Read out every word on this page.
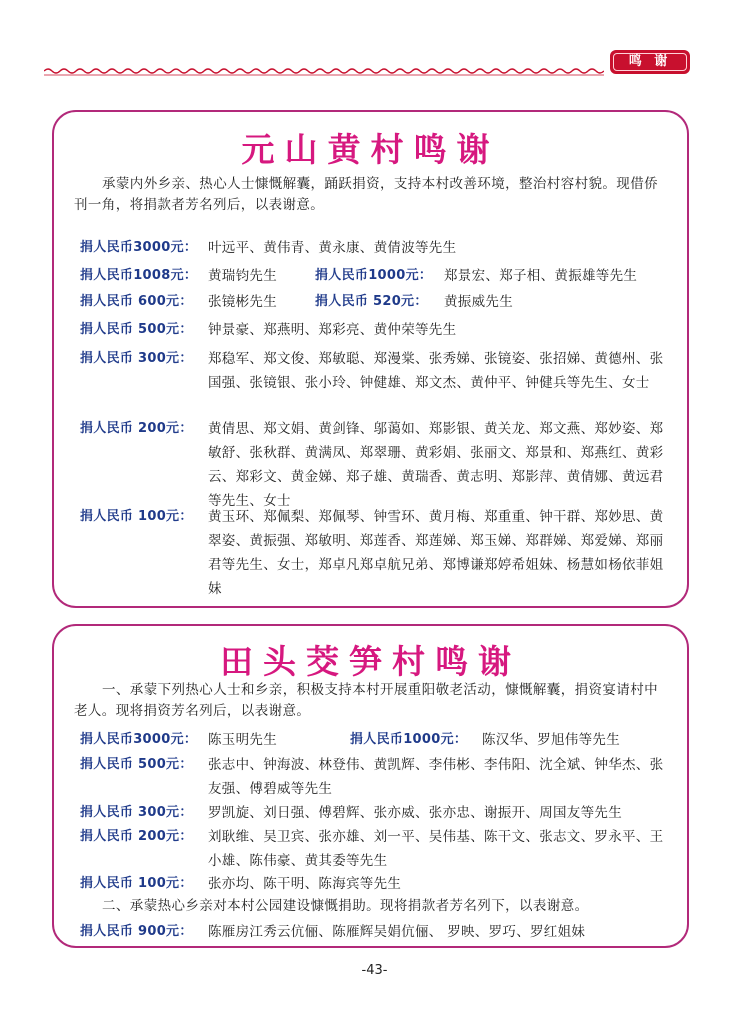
鸣 谢
元山黄村鸣谢
承蒙内外乡亲、热心人士慷慨解囊，踊跃捐资，支持本村改善环境，整治村容村貌。现借侨刊一角，将捐款者芳名列后，以表谢意。
捐人民币3000元： 叶远平、黄伟青、黄永康、黄倩波等先生
捐人民币1008元： 黄瑞钧先生	捐人民币1000元： 郑景宏、郑子相、黄振雄等先生
捐人民币 600元： 张镜彬先生	捐人民币 520元： 黄振威先生
捐人民币 500元： 钟景豪、郑燕明、郑彩亮、黄仲荣等先生
捐人民币 300元： 郑稳军、郑文俊、郑敏聪、郑漫棠、张秀娣、张镜姿、张招娣、黄德州、张国强、张镜银、张小玲、钟健雄、郑文杰、黄仲平、钟健兵等先生、女士
捐人民币 200元： 黄倩思、郑文娟、黄剑锋、邬蔼如、郑影银、黄关龙、郑文燕、郑妙姿、郑敏舒、张秋群、黄满凤、郑翠珊、黄彩娟、张丽文、郑景和、郑燕红、黄彩云、郑彩文、黄金娣、郑子雄、黄瑞香、黄志明、郑影萍、黄倩娜、黄远君等先生、女士
捐人民币 100元： 黄玉环、郑佩梨、郑佩琴、钟雪环、黄月梅、郑重重、钟干群、郑妙思、黄翠姿、黄振强、郑敏明、郑莲香、郑莲娣、郑玉娣、郑群娣、郑爱娣、郑丽君等先生、女士，郑卓凡郑卓航兄弟、郑博谦郑婷希姐妹、杨慧如杨依菲姐妹
田头茭笋村鸣谢
一、承蒙下列热心人士和乡亲，积极支持本村开展重阳敬老活动，慷慨解囊，捐资宴请村中老人。现将捐资芳名列后，以表谢意。
捐人民币3000元： 陈玉明先生	捐人民币1000元： 陈汉华、罗旭伟等先生
捐人民币 500元： 张志中、钟海波、林登伟、黄凯辉、李伟彬、李伟阳、沈全斌、钟华杰、张友强、傅碧威等先生
捐人民币 300元： 罗凯旋、刘日强、傅碧辉、张亦威、张亦忠、谢振开、周国友等先生
捐人民币 200元： 刘耿维、吴卫宾、张亦雄、刘一平、吴伟基、陈干文、张志文、罗永平、王小雄、陈伟豪、黄其委等先生
捐人民币 100元： 张亦均、陈干明、陈海宾等先生
二、承蒙热心乡亲对本村公园建设慷慨捐助。现将捐款者芳名列下，以表谢意。
捐人民币 900元： 陈雁房江秀云伉俪、陈雁辉吴娟伉俪、 罗映、罗巧、罗红姐妹
-43-
